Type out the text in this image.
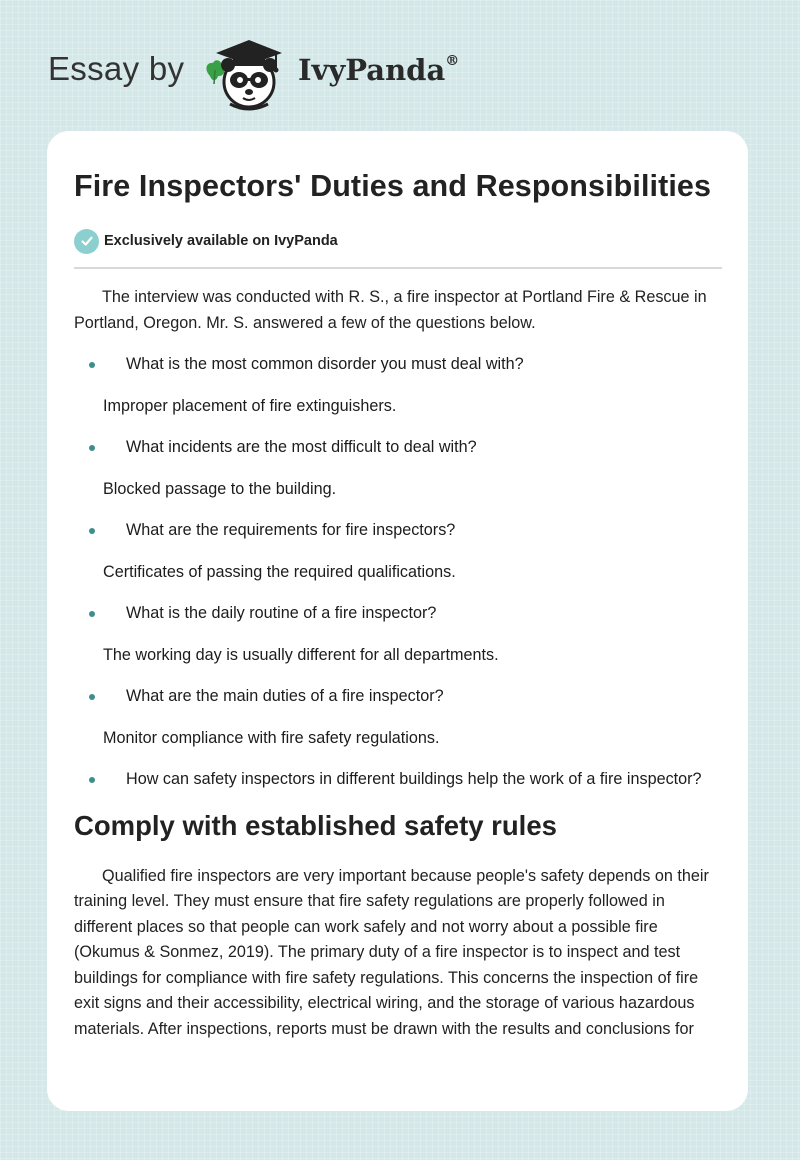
Essay by	IvyPanda®
Fire Inspectors' Duties and Responsibilities
Exclusively available on IvyPanda

The interview was conducted with R. S., a fire inspector at Portland Fire & Rescue in Portland, Oregon. Mr. S. answered a few of the questions below.

What is the most common disorder you must deal with?
Improper placement of fire extinguishers.
What incidents are the most difficult to deal with?
Blocked passage to the building.
What are the requirements for fire inspectors?
Certificates of passing the required qualifications.
What is the daily routine of a fire inspector?
The working day is usually different for all departments.
What are the main duties of a fire inspector?
Monitor compliance with fire safety regulations.
How can safety inspectors in different buildings help the work of a fire inspector?
Comply with established safety rules

Qualified fire inspectors are very important because people's safety depends on their training level. They must ensure that fire safety regulations are properly followed in different places so that people can work safely and not worry about a possible fire (Okumus & Sonmez, 2019). The primary duty of a fire inspector is to inspect and test buildings for compliance with fire safety regulations. This concerns the inspection of fire exit signs and their accessibility, electrical wiring, and the storage of various hazardous materials. After inspections, reports must be drawn with the results and conclusions for
